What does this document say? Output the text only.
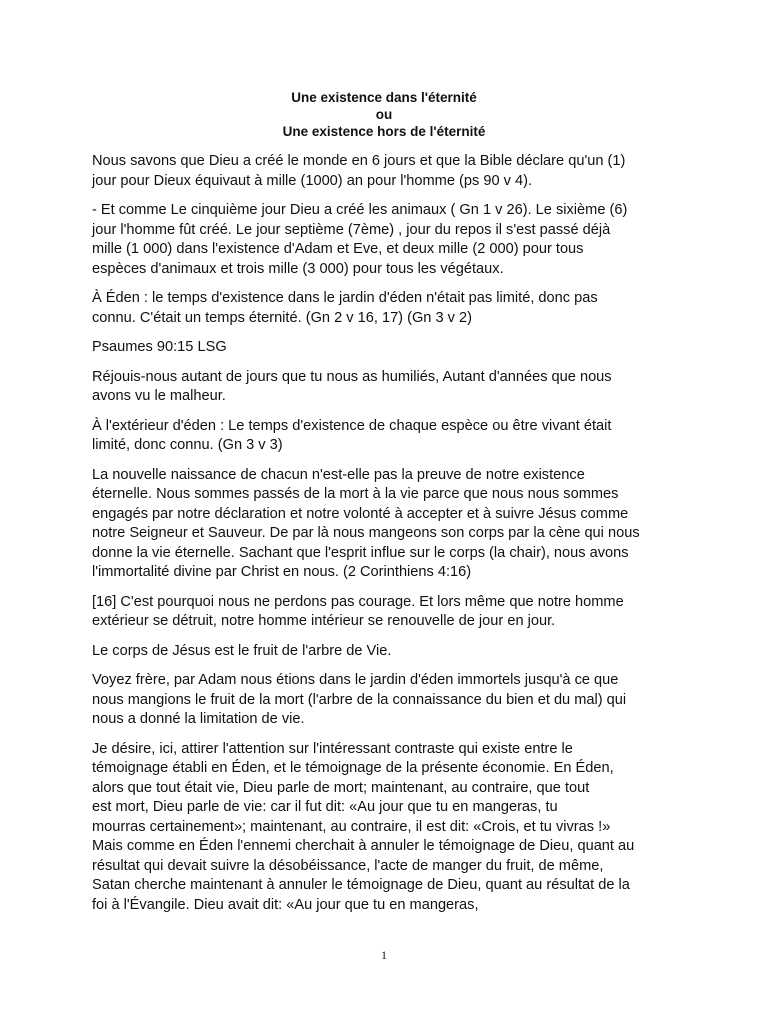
Une existence dans l'éternité
ou
Une existence hors de l'éternité

Nous savons que Dieu a créé le monde en 6 jours et que la Bible déclare qu'un (1)
jour pour Dieux équivaut à mille (1000) an pour l'homme (ps 90 v 4).

- Et comme Le cinquième jour Dieu a créé les animaux ( Gn 1 v 26). Le sixième (6)
jour l'homme fût créé. Le jour septième (7ème) , jour du repos il s'est passé déjà
mille (1 000) dans l'existence d'Adam et Eve, et deux mille (2 000) pour tous
espèces d'animaux et trois mille (3 000) pour tous les végétaux.

À Éden : le temps d'existence dans le jardin d'éden n'était pas limité, donc pas
connu. C'était un temps éternité. (Gn 2 v 16, 17) (Gn 3 v 2)

Psaumes 90:15 LSG

Réjouis-nous autant de jours que tu nous as humiliés, Autant d'années que nous
avons vu le malheur.

À l'extérieur d'éden : Le temps d'existence de chaque espèce ou être vivant était
limité, donc connu. (Gn 3 v 3)

La nouvelle naissance de chacun n'est-elle pas la preuve de notre existence
éternelle. Nous sommes passés de la mort à la vie parce que nous nous sommes
engagés par notre déclaration et notre volonté à accepter et à suivre Jésus comme
notre Seigneur et Sauveur. De par là nous mangeons son corps par la cène qui nous
donne la vie éternelle. Sachant que l'esprit influe sur le corps (la chair), nous avons
l'immortalité divine par Christ en nous. (2 Corinthiens 4:16)

[16] C'est pourquoi nous ne perdons pas courage. Et lors même que notre homme
extérieur se détruit, notre homme intérieur se renouvelle de jour en jour.

Le corps de Jésus est le fruit de l'arbre de Vie.

Voyez frère, par Adam nous étions dans le jardin d'éden immortels jusqu'à ce que
nous mangions le fruit de la mort (l'arbre de la connaissance du bien et du mal) qui
nous a donné la limitation de vie.

Je désire, ici, attirer l'attention sur l'intéressant contraste qui existe entre le
témoignage établi en Éden, et le témoignage de la présente économie. En Éden,
alors que tout était vie, Dieu parle de mort; maintenant, au contraire, que tout
est mort, Dieu parle de vie: car il fut dit: «Au jour que tu en mangeras, tu
mourras certainement»; maintenant, au contraire, il est dit: «Crois, et tu vivras !»
Mais comme en Éden l'ennemi cherchait à annuler le témoignage de Dieu, quant au
résultat qui devait suivre la désobéissance, l'acte de manger du fruit, de même,
Satan cherche maintenant à annuler le témoignage de Dieu, quant au résultat de la
foi à l'Évangile. Dieu avait dit: «Au jour que tu en mangeras,

1
